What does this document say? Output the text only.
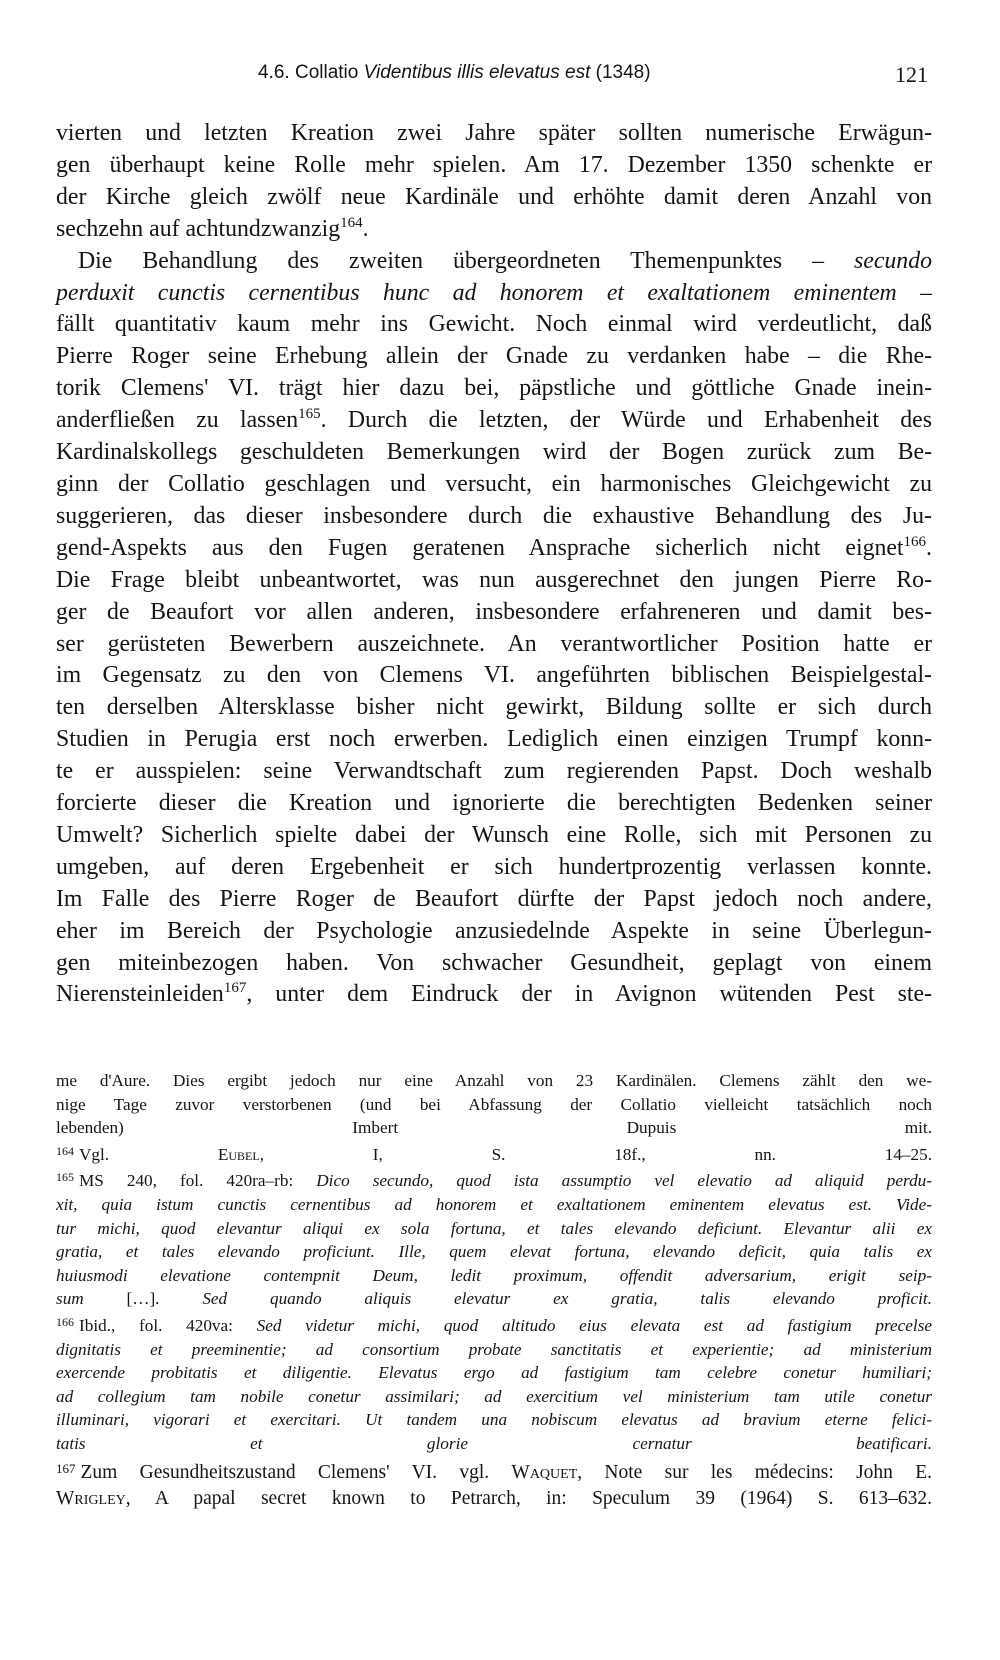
4.6. Collatio Videntibus illis elevatus est (1348)	121

vierten und letzten Kreation zwei Jahre später sollten numerische Erwägun-

gen überhaupt keine Rolle mehr spielen. Am 17. Dezember 1350 schenkte er

der Kirche gleich zwölf neue Kardinäle und erhöhte damit deren Anzahl von

sechzehn auf achtundzwanzig$^{164}$.

Die Behandlung des zweiten übergeordneten Themenpunktes – secundo

perduxit cunctis cernentibus hunc ad honorem et exaltationem eminentem –

fällt quantitativ kaum mehr ins Gewicht. Noch einmal wird verdeutlicht, daß

Pierre Roger seine Erhebung allein der Gnade zu verdanken habe – die Rhe-

torik Clemens' VI. trägt hier dazu bei, päpstliche und göttliche Gnade inein-

anderfließen zu lassen$^{165}$. Durch die letzten, der Würde und Erhabenheit des

Kardinalskollegs geschuldeten Bemerkungen wird der Bogen zurück zum Be-

ginn der Collatio geschlagen und versucht, ein harmonisches Gleichgewicht zu

suggerieren, das dieser insbesondere durch die exhaustive Behandlung des Ju-

gend-Aspekts aus den Fugen geratenen Ansprache sicherlich nicht eignet$^{166}$.

Die Frage bleibt unbeantwortet, was nun ausgerechnet den jungen Pierre Ro-

ger de Beaufort vor allen anderen, insbesondere erfahreneren und damit bes-

ser gerüsteten Bewerbern auszeichnete. An verantwortlicher Position hatte er

im Gegensatz zu den von Clemens VI. angeführten biblischen Beispielgestal-

ten derselben Altersklasse bisher nicht gewirkt, Bildung sollte er sich durch

Studien in Perugia erst noch erwerben. Lediglich einen einzigen Trumpf konn-

te er ausspielen: seine Verwandtschaft zum regierenden Papst. Doch weshalb

forcierte dieser die Kreation und ignorierte die berechtigten Bedenken seiner

Umwelt? Sicherlich spielte dabei der Wunsch eine Rolle, sich mit Personen zu

umgeben, auf deren Ergebenheit er sich hundertprozentig verlassen konnte.

Im Falle des Pierre Roger de Beaufort dürfte der Papst jedoch noch andere,

eher im Bereich der Psychologie anzusiedelnde Aspekte in seine Überlegun-

gen miteinbezogen haben. Von schwacher Gesundheit, geplagt von einem

Nierensteinleiden$^{167}$, unter dem Eindruck der in Avignon wütenden Pest ste-

me d'Aure. Dies ergibt jedoch nur eine Anzahl von 23 Kardinälen. Clemens zählt den we-

nige Tage zuvor verstorbenen (und bei Abfassung der Collatio vielleicht tatsächlich noch

lebenden) Imbert Dupuis mit.

$^{164}$ Vgl. Eubel, I, S. 18f., nn. 14–25.

$^{165}$ MS 240, fol. 420ra–rb: Dico secundo, quod ista assumptio vel elevatio ad aliquid perdu-

xit, quia istum cunctis cernentibus ad honorem et exaltationem eminentem elevatus est. Vide-

tur michi, quod elevantur aliqui ex sola fortuna, et tales elevando deficiunt. Elevantur alii ex

gratia, et tales elevando proficiunt. Ille, quem elevat fortuna, elevando deficit, quia talis ex

huiusmodi elevatione contempnit Deum, ledit proximum, offendit adversarium, erigit seip-

sum […]. Sed quando aliquis elevatur ex gratia, talis elevando proficit.

$^{166}$ Ibid., fol. 420va: Sed videtur michi, quod altitudo eius elevata est ad fastigium precelse

dignitatis et preeminentie; ad consortium probate sanctitatis et experientie; ad ministerium

exercende probitatis et diligentie. Elevatus ergo ad fastigium tam celebre conetur humiliari;

ad collegium tam nobile conetur assimilari; ad exercitium vel ministerium tam utile conetur

illuminari, vigorari et exercitari. Ut tandem una nobiscum elevatus ad bravium eterne felici-

tatis et glorie cernatur beatificari.

$^{167}$ Zum Gesundheitszustand Clemens' VI. vgl. Waquet, Note sur les médecins: John E.

Wrigley, A papal secret known to Petrarch, in: Speculum 39 (1964) S. 613–632.
